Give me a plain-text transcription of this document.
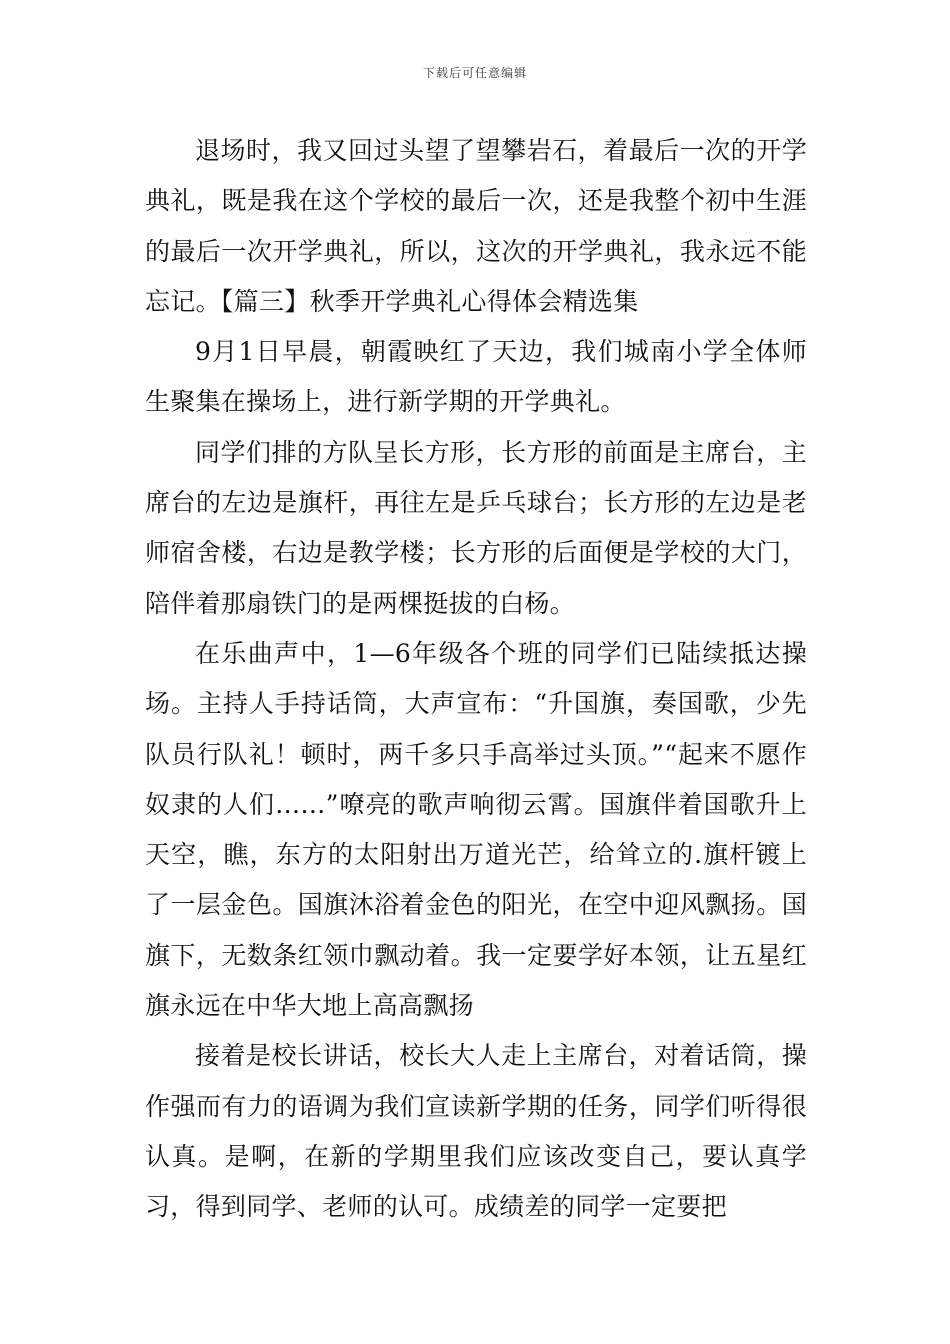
下载后可任意编辑

退场时，我又回过头望了望攀岩石，着最后一次的开学典礼，既是我在这个学校的最后一次，还是我整个初中生涯的最后一次开学典礼，所以，这次的开学典礼，我永远不能忘记。【篇三】秋季开学典礼心得体会精选集

9月1日早晨，朝霞映红了天边，我们城南小学全体师生聚集在操场上，进行新学期的开学典礼。

同学们排的方队呈长方形，长方形的前面是主席台，主席台的左边是旗杆，再往左是乒乓球台；长方形的左边是老师宿舍楼，右边是教学楼；长方形的后面便是学校的大门，陪伴着那扇铁门的是两棵挺拔的白杨。

在乐曲声中，1—6年级各个班的同学们已陆续抵达操场。主持人手持话筒，大声宣布：“升国旗，奏国歌，少先队员行队礼！顿时，两千多只手高举过头顶。”“起来不愿作奴隶的人们……”嘹亮的歌声响彻云霄。国旗伴着国歌升上天空，瞧，东方的太阳射出万道光芒，给耸立的.旗杆镀上了一层金色。国旗沐浴着金色的阳光，在空中迎风飘扬。国旗下，无数条红领巾飘动着。我一定要学好本领，让五星红旗永远在中华大地上高高飘扬

接着是校长讲话，校长大人走上主席台，对着话筒，操作强而有力的语调为我们宣读新学期的任务，同学们听得很认真。是啊，在新的学期里我们应该改变自己，要认真学习，得到同学、老师的认可。成绩差的同学一定要把
